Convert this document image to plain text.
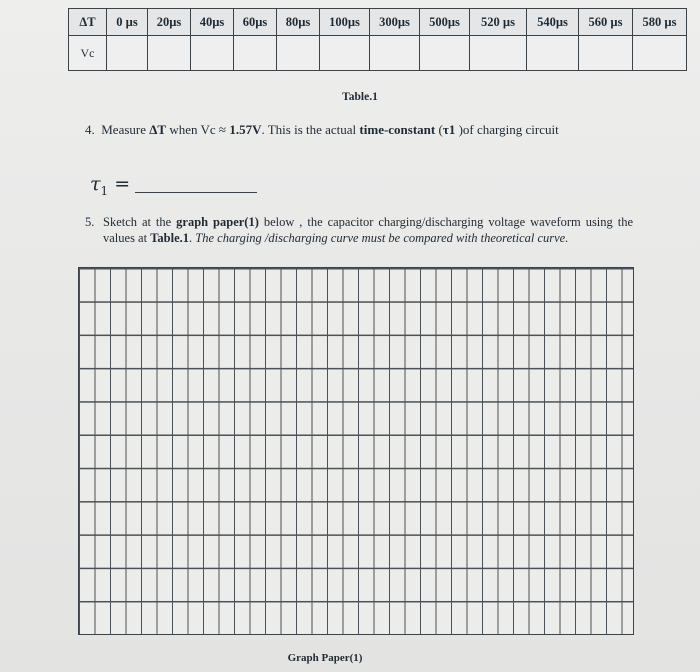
ΔT	0 µs	20µs	40µs	60µs	80µs	100µs	300µs	500µs	520 µs	540µs	560 µs	580 µs
Vc												
Table.1
4. Measure ΔT when Vc ≈ 1.57V. This is the actual time-constant (τ1 )of charging circuit
$\tau_1$ =
5. Sketch at the graph paper(1) below , the capacitor charging/discharging voltage waveform using the values at Table.1. The charging /discharging curve must be compared with theoretical curve.
Graph Paper(1)
